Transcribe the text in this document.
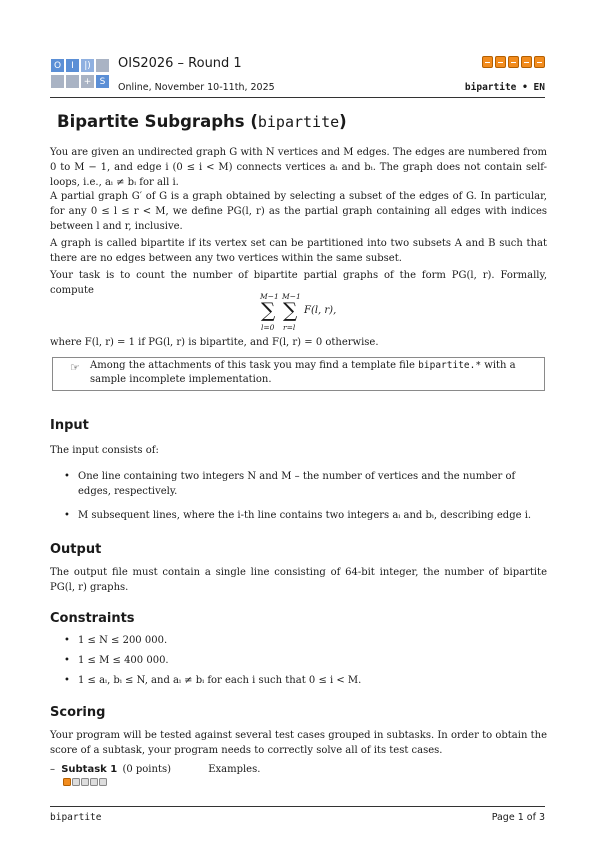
O	I	|)
+ S
OIS2026 – Round 1
Online, November 10-11th, 2025	bipartite • EN
Bipartite Subgraphs (bipartite)
You are given an undirected graph G with N vertices and M edges. The edges are numbered from 0 to M − 1, and edge i (0 ≤ i < M) connects vertices aᵢ and bᵢ. The graph does not contain self-loops, i.e., aᵢ ≠ bᵢ for all i.
A partial graph G′ of G is a graph obtained by selecting a subset of the edges of G. In particular, for any 0 ≤ l ≤ r < M, we define PG(l, r) as the partial graph containing all edges with indices between l and r, inclusive.
A graph is called bipartite if its vertex set can be partitioned into two subsets A and B such that there are no edges between any two vertices within the same subset.
Your task is to count the number of bipartite partial graphs of the form PG(l, r). Formally, compute
M−1 M−1
∑ ∑
l=0 r=l
F(l, r),
where F(l, r) = 1 if PG(l, r) is bipartite, and F(l, r) = 0 otherwise.
☞ Among the attachments of this task you may find a template file bipartite.* with a sample incomplete implementation.
Input
The input consists of:
• One line containing two integers N and M – the number of vertices and the number of edges, respectively.
• M subsequent lines, where the i-th line contains two integers aᵢ and bᵢ, describing edge i.
Output
The output file must contain a single line consisting of 64-bit integer, the number of bipartite PG(l, r) graphs.
Constraints
• 1 ≤ N ≤ 200 000.
• 1 ≤ M ≤ 400 000.
• 1 ≤ aᵢ, bᵢ ≤ N, and aᵢ ≠ bᵢ for each i such that 0 ≤ i < M.
Scoring
Your program will be tested against several test cases grouped in subtasks. In order to obtain the score of a subtask, your program needs to correctly solve all of its test cases.
– Subtask 1 (0 points)	Examples.
bipartite	Page 1 of 3
